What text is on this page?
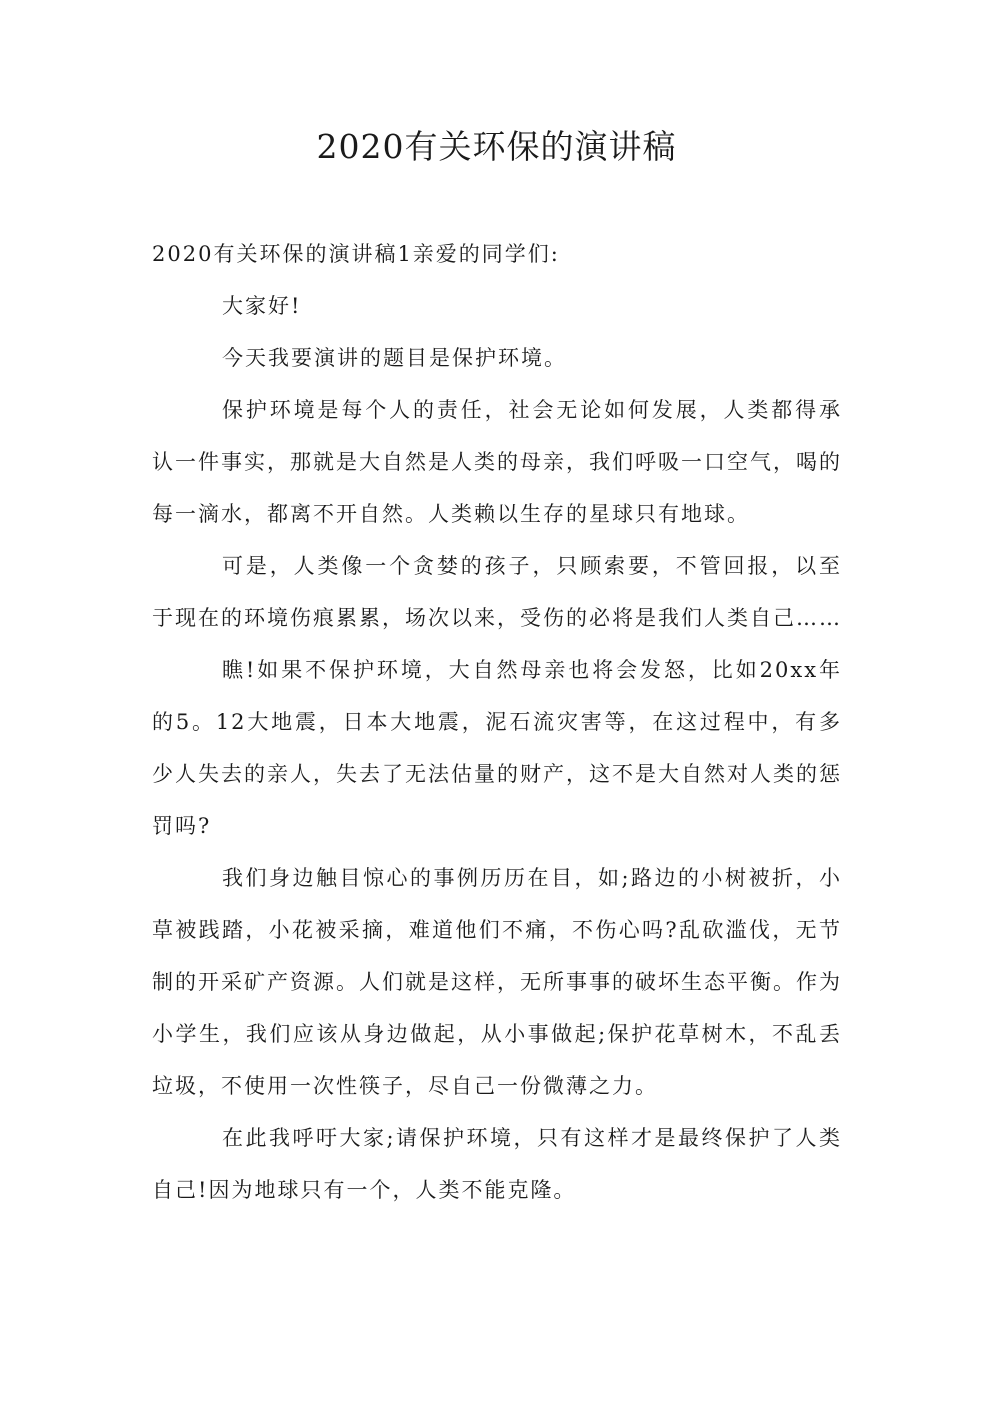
2020有关环保的演讲稿

2020有关环保的演讲稿1亲爱的同学们:

大家好!

今天我要演讲的题目是保护环境。

保护环境是每个人的责任，社会无论如何发展，人类都得承认一件事实，那就是大自然是人类的母亲，我们呼吸一口空气，喝的每一滴水，都离不开自然。人类赖以生存的星球只有地球。

可是，人类像一个贪婪的孩子，只顾索要，不管回报，以至于现在的环境伤痕累累，场次以来，受伤的必将是我们人类自己……

瞧!如果不保护环境，大自然母亲也将会发怒，比如20xx年的5。12大地震，日本大地震，泥石流灾害等，在这过程中，有多少人失去的亲人，失去了无法估量的财产，这不是大自然对人类的惩罚吗?

我们身边触目惊心的事例历历在目，如;路边的小树被折，小草被践踏，小花被采摘，难道他们不痛，不伤心吗?乱砍滥伐，无节制的开采矿产资源。人们就是这样，无所事事的破坏生态平衡。作为小学生，我们应该从身边做起，从小事做起;保护花草树木，不乱丢垃圾，不使用一次性筷子，尽自己一份微薄之力。

在此我呼吁大家;请保护环境，只有这样才是最终保护了人类自己!因为地球只有一个，人类不能克隆。
